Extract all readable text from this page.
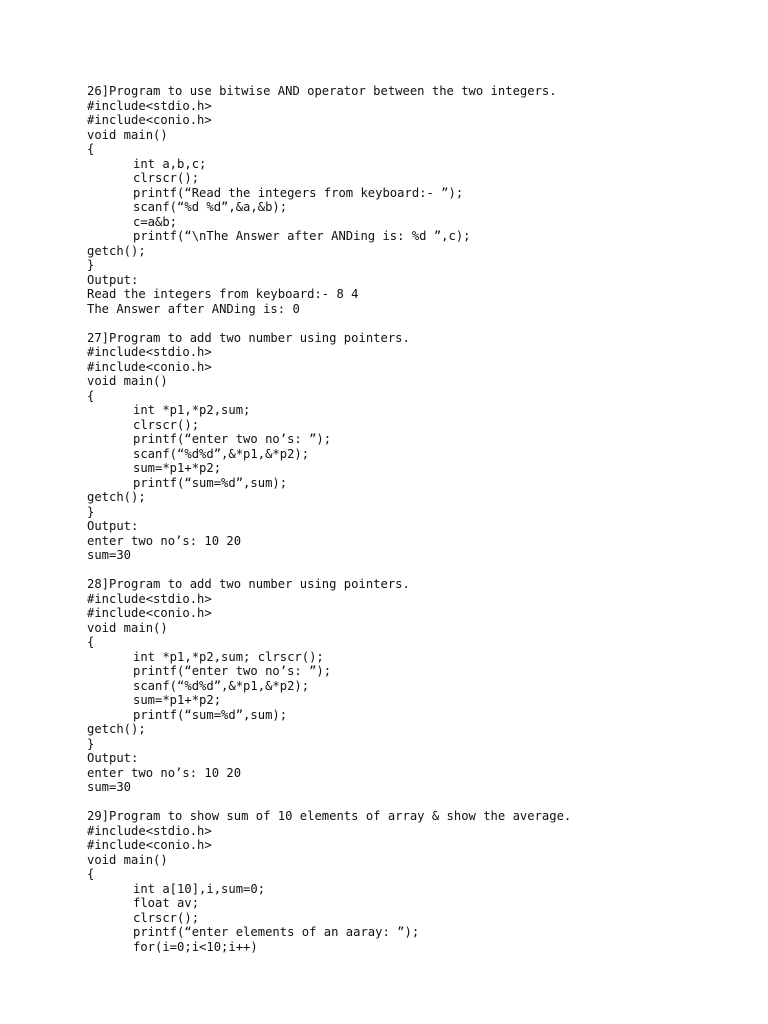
26]Program to use bitwise AND operator between the two integers.
#include<stdio.h>
#include<conio.h>
void main()
{
int a,b,c;
clrscr();
printf(“Read the integers from keyboard:- ”);
scanf(“%d %d”,&a,&b);
c=a&b;
printf(“\nThe Answer after ANDing is: %d ”,c);
getch();
}
Output:
Read the integers from keyboard:- 8 4
The Answer after ANDing is: 0
27]Program to add two number using pointers.
#include<stdio.h>
#include<conio.h>
void main()
{
int *p1,*p2,sum;
clrscr();
printf(“enter two no’s: ”);
scanf(“%d%d”,&*p1,&*p2);
sum=*p1+*p2;
printf(“sum=%d”,sum);
getch();
}
Output:
enter two no’s: 10 20
sum=30
28]Program to add two number using pointers.
#include<stdio.h>
#include<conio.h>
void main()
{
int *p1,*p2,sum; clrscr();
printf(“enter two no’s: ”);
scanf(“%d%d”,&*p1,&*p2);
sum=*p1+*p2;
printf(“sum=%d”,sum);
getch();
}
Output:
enter two no’s: 10 20
sum=30
29]Program to show sum of 10 elements of array & show the average.
#include<stdio.h>
#include<conio.h>
void main()
{
int a[10],i,sum=0;
float av;
clrscr();
printf(“enter elements of an aaray: ”);
for(i=0;i<10;i++)
